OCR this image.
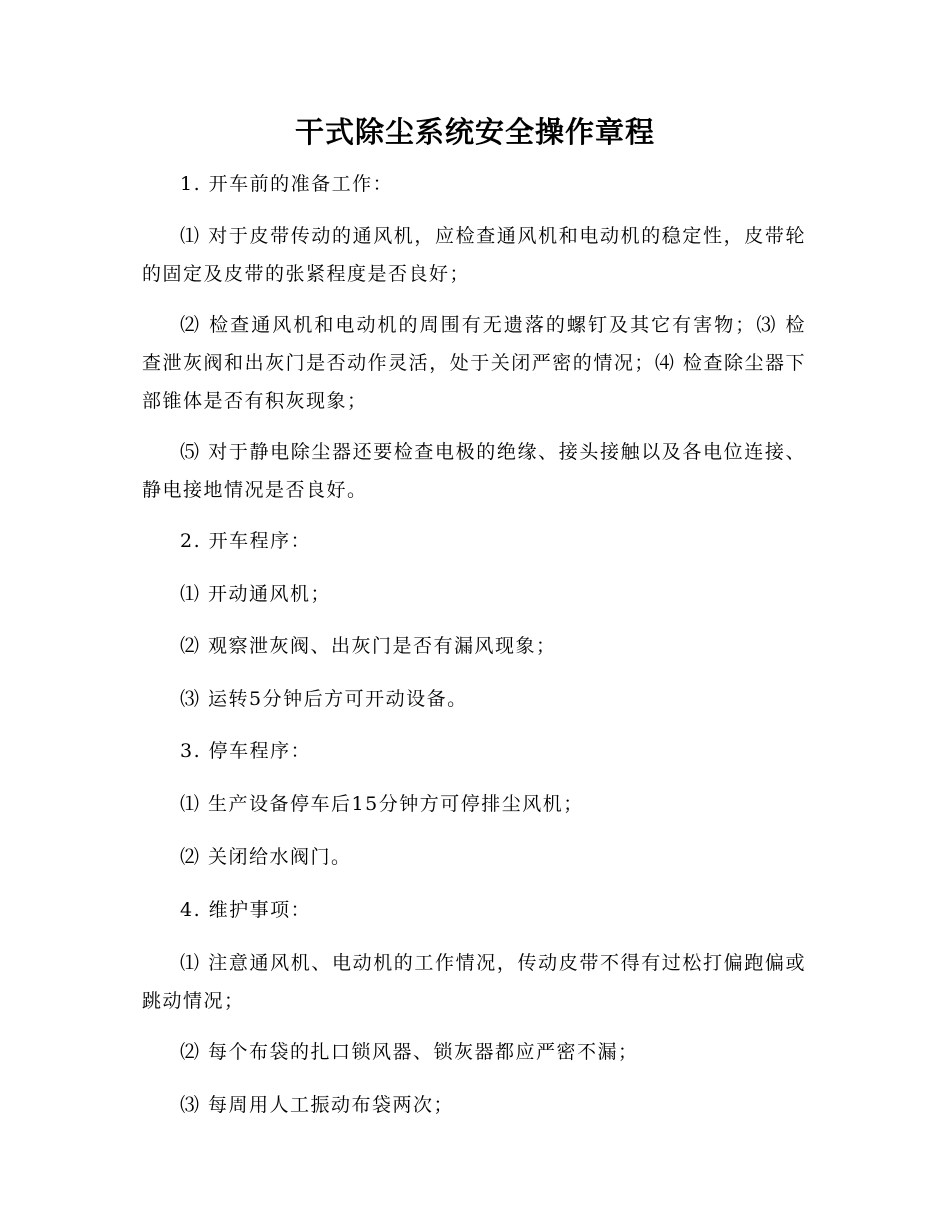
干式除尘系统安全操作章程

1. 开车前的准备工作：

⑴ 对于皮带传动的通风机，应检查通风机和电动机的稳定性，皮带轮的固定及皮带的张紧程度是否良好；

⑵ 检查通风机和电动机的周围有无遗落的螺钉及其它有害物；⑶ 检查泄灰阀和出灰门是否动作灵活，处于关闭严密的情况；⑷ 检查除尘器下部锥体是否有积灰现象；

⑸ 对于静电除尘器还要检查电极的绝缘、接头接触以及各电位连接、静电接地情况是否良好。

2. 开车程序：

⑴ 开动通风机；

⑵ 观察泄灰阀、出灰门是否有漏风现象；

⑶ 运转5分钟后方可开动设备。

3. 停车程序：

⑴ 生产设备停车后15分钟方可停排尘风机；

⑵ 关闭给水阀门。

4. 维护事项：

⑴ 注意通风机、电动机的工作情况，传动皮带不得有过松打偏跑偏或跳动情况；

⑵ 每个布袋的扎口锁风器、锁灰器都应严密不漏；

⑶ 每周用人工振动布袋两次；
